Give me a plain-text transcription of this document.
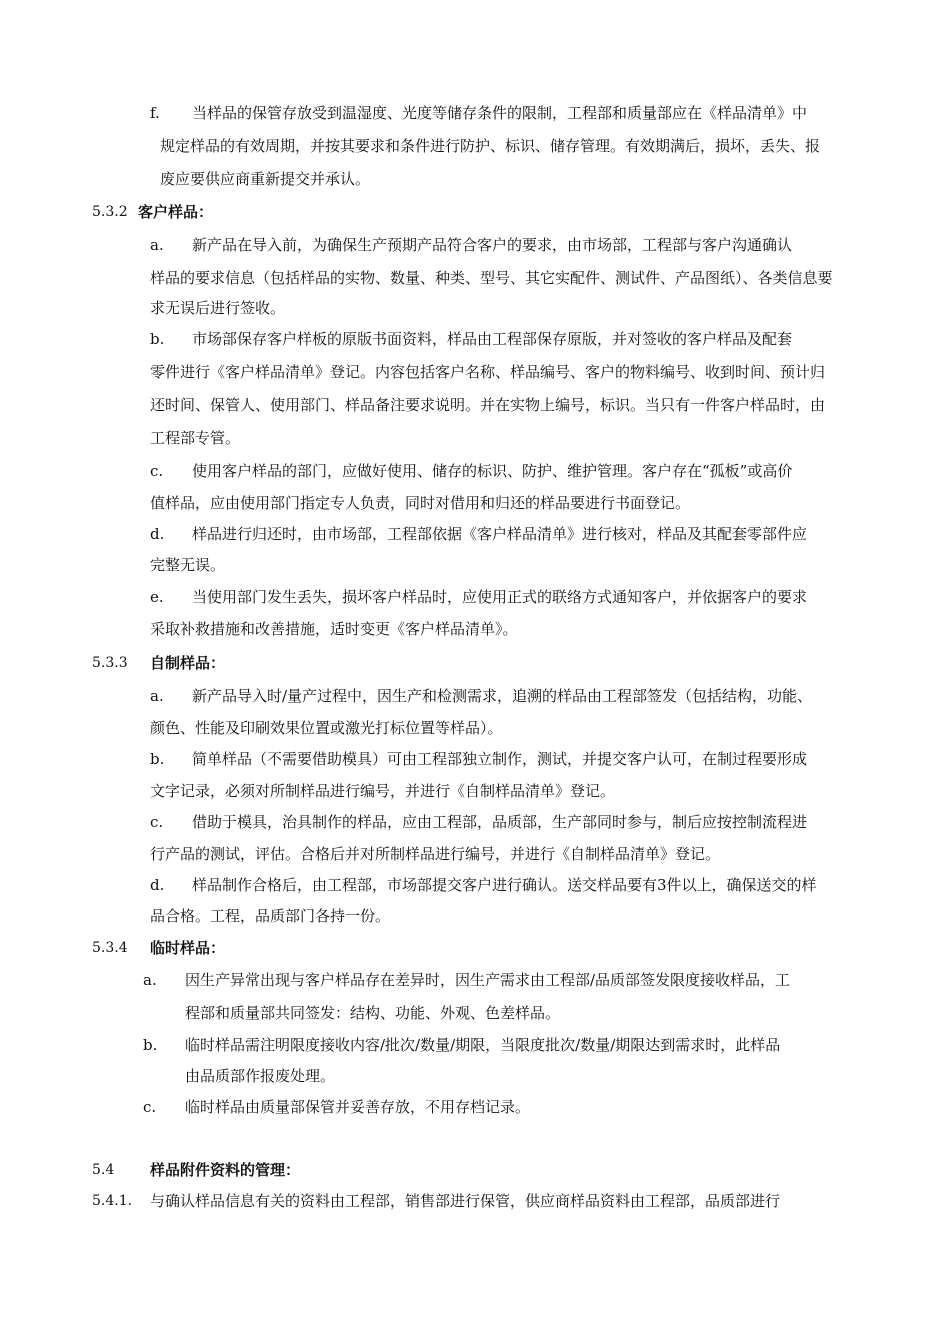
f. 当样品的保管存放受到温湿度、光度等储存条件的限制，工程部和质量部应在《样品清单》中
规定样品的有效周期，并按其要求和条件进行防护、标识、储存管理。有效期满后，损坏，丢失、报
废应要供应商重新提交并承认。
5.3.2 客户样品：
a. 新产品在导入前，为确保生产预期产品符合客户的要求，由市场部，工程部与客户沟通确认
样品的要求信息（包括样品的实物、数量、种类、型号、其它实配件、测试件、产品图纸）、各类信息要
求无误后进行签收。
b. 市场部保存客户样板的原版书面资料，样品由工程部保存原版，并对签收的客户样品及配套
零件进行《客户样品清单》登记。内容包括客户名称、样品编号、客户的物料编号、收到时间、预计归
还时间、保管人、使用部门、样品备注要求说明。并在实物上编号，标识。当只有一件客户样品时，由
工程部专管。
c. 使用客户样品的部门，应做好使用、储存的标识、防护、维护管理。客户存在“孤板”或高价
值样品，应由使用部门指定专人负责，同时对借用和归还的样品要进行书面登记。
d. 样品进行归还时，由市场部，工程部依据《客户样品清单》进行核对，样品及其配套零部件应
完整无误。
e. 当使用部门发生丢失，损坏客户样品时，应使用正式的联络方式通知客户，并依据客户的要求
采取补救措施和改善措施，适时变更《客户样品清单》。
5.3.3 自制样品：
a. 新产品导入时/量产过程中，因生产和检测需求，追溯的样品由工程部签发（包括结构，功能、
颜色、性能及印刷效果位置或激光打标位置等样品）。
b. 简单样品（不需要借助模具）可由工程部独立制作，测试，并提交客户认可，在制过程要形成
文字记录，必须对所制样品进行编号，并进行《自制样品清单》登记。
c. 借助于模具，治具制作的样品，应由工程部，品质部，生产部同时参与，制后应按控制流程进
行产品的测试，评估。合格后并对所制样品进行编号，并进行《自制样品清单》登记。
d. 样品制作合格后，由工程部，市场部提交客户进行确认。送交样品要有3件以上，确保送交的样
品合格。工程，品质部门各持一份。
5.3.4 临时样品：
a. 因生产异常出现与客户样品存在差异时，因生产需求由工程部/品质部签发限度接收样品，工
程部和质量部共同签发：结构、功能、外观、色差样品。
b. 临时样品需注明限度接收内容/批次/数量/期限，当限度批次/数量/期限达到需求时，此样品
由品质部作报废处理。
c. 临时样品由质量部保管并妥善存放，不用存档记录。
5.4 样品附件资料的管理：
5.4.1. 与确认样品信息有关的资料由工程部，销售部进行保管，供应商样品资料由工程部，品质部进行
